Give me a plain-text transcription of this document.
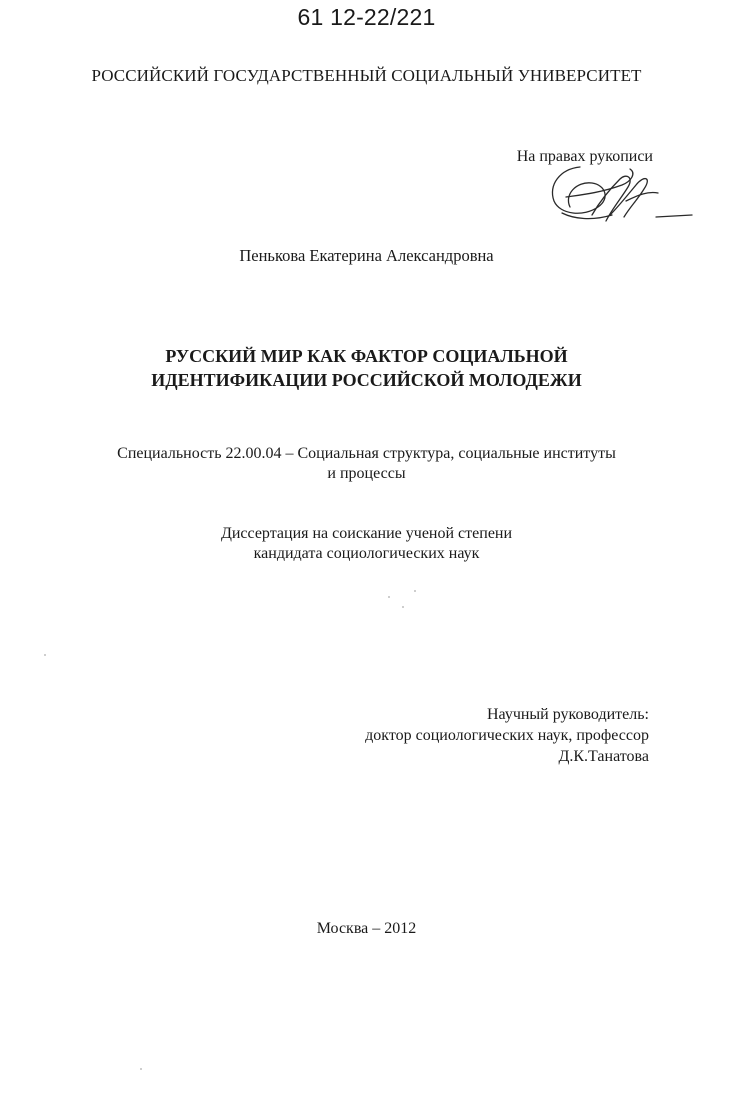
61 12-22/221
РОССИЙСКИЙ ГОСУДАРСТВЕННЫЙ СОЦИАЛЬНЫЙ УНИВЕРСИТЕТ
На правах рукописи
Пенькова Екатерина Александровна
РУССКИЙ МИР КАК ФАКТОР СОЦИАЛЬНОЙ
ИДЕНТИФИКАЦИИ РОССИЙСКОЙ МОЛОДЕЖИ
Специальность 22.00.04 – Социальная структура, социальные институты
и процессы
Диссертация на соискание ученой степени
кандидата социологических наук
Научный руководитель:
доктор социологических наук, профессор
Д.К.Танатова
Москва – 2012
